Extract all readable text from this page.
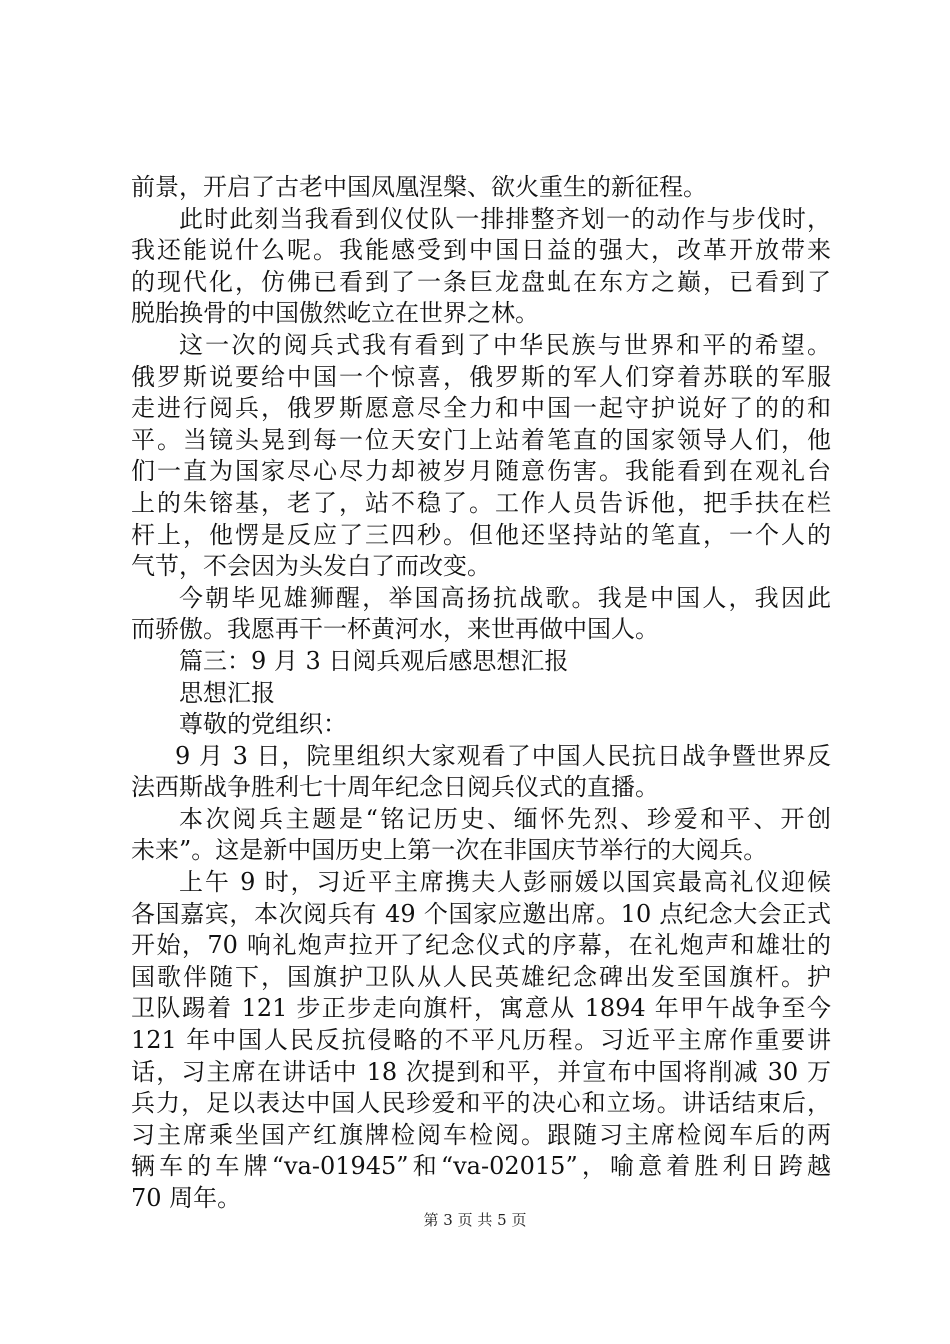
前景，开启了古老中国凤凰涅槃、欲火重生的新征程。
此时此刻当我看到仪仗队一排排整齐划一的动作与步伐时，
我还能说什么呢。我能感受到中国日益的强大，改革开放带来
的现代化，仿佛已看到了一条巨龙盘虬在东方之巅，已看到了
脱胎换骨的中国傲然屹立在世界之林。
这一次的阅兵式我有看到了中华民族与世界和平的希望。
俄罗斯说要给中国一个惊喜，俄罗斯的军人们穿着苏联的军服
走进行阅兵，俄罗斯愿意尽全力和中国一起守护说好了的的和
平。当镜头晃到每一位天安门上站着笔直的国家领导人们，他
们一直为国家尽心尽力却被岁月随意伤害。我能看到在观礼台
上的朱镕基，老了，站不稳了。工作人员告诉他，把手扶在栏
杆上，他愣是反应了三四秒。但他还坚持站的笔直，一个人的
气节，不会因为头发白了而改变。
今朝毕见雄狮醒，举国高扬抗战歌。我是中国人，我因此
而骄傲。我愿再干一杯黄河水，来世再做中国人。
篇三：9 月 3 日阅兵观后感思想汇报
思想汇报
尊敬的党组织：
9 月 3 日，院里组织大家观看了中国人民抗日战争暨世界反
法西斯战争胜利七十周年纪念日阅兵仪式的直播。
本次阅兵主题是“铭记历史、缅怀先烈、珍爱和平、开创
未来”。这是新中国历史上第一次在非国庆节举行的大阅兵。
上午 9 时，习近平主席携夫人彭丽媛以国宾最高礼仪迎候
各国嘉宾，本次阅兵有 49 个国家应邀出席。10 点纪念大会正式
开始，70 响礼炮声拉开了纪念仪式的序幕，在礼炮声和雄壮的
国歌伴随下，国旗护卫队从人民英雄纪念碑出发至国旗杆。护
卫队踢着 121 步正步走向旗杆，寓意从 1894 年甲午战争至今
121 年中国人民反抗侵略的不平凡历程。习近平主席作重要讲
话，习主席在讲话中 18 次提到和平，并宣布中国将削减 30 万
兵力，足以表达中国人民珍爱和平的决心和立场。讲话结束后，
习主席乘坐国产红旗牌检阅车检阅。跟随习主席检阅车后的两
辆车的车牌“va-01945”和“va-02015”，喻意着胜利日跨越
70 周年。
第 3 页 共 5 页
